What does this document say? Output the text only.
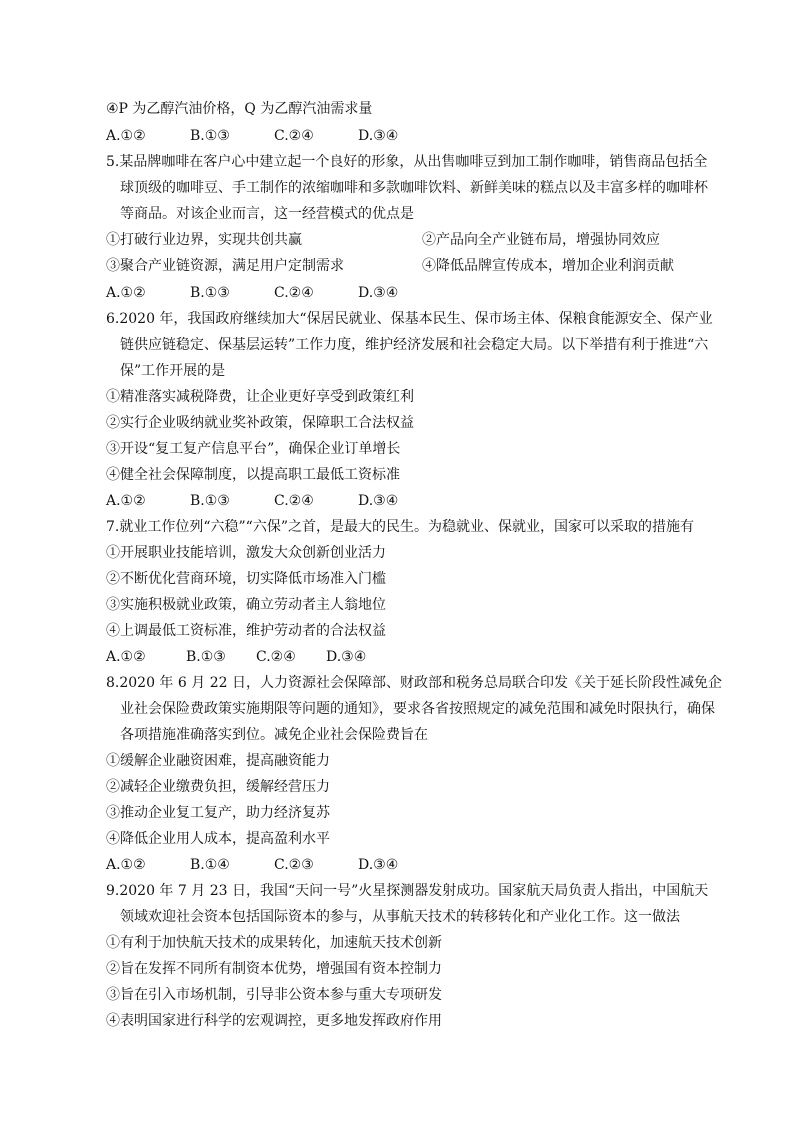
④P 为乙醇汽油价格，Q 为乙醇汽油需求量
A.①②	B.①③	C.②④	D.③④
5.某品牌咖啡在客户心中建立起一个良好的形象，从出售咖啡豆到加工制作咖啡，销售商品包括全
球顶级的咖啡豆、手工制作的浓缩咖啡和多款咖啡饮料、新鲜美味的糕点以及丰富多样的咖啡杯
等商品。对该企业而言，这一经营模式的优点是
①打破行业边界，实现共创共赢	②产品向全产业链布局，增强协同效应
③聚合产业链资源，满足用户定制需求	④降低品牌宣传成本，增加企业利润贡献
A.①②	B.①③	C.②④	D.③④
6.2020 年，我国政府继续加大“保居民就业、保基本民生、保市场主体、保粮食能源安全、保产业
链供应链稳定、保基层运转”工作力度，维护经济发展和社会稳定大局。以下举措有利于推进“六
保”工作开展的是
①精准落实减税降费，让企业更好享受到政策红利
②实行企业吸纳就业奖补政策，保障职工合法权益
③开设“复工复产信息平台”，确保企业订单增长
④健全社会保障制度，以提高职工最低工资标准
A.①②	B.①③	C.②④	D.③④
7.就业工作位列“六稳”“六保”之首，是最大的民生。为稳就业、保就业，国家可以采取的措施有
①开展职业技能培训，激发大众创新创业活力
②不断优化营商环境，切实降低市场准入门槛
③实施积极就业政策，确立劳动者主人翁地位
④上调最低工资标准，维护劳动者的合法权益
A.①②	B.①③ C.②④ D.③④
8.2020 年 6 月 22 日，人力资源社会保障部、财政部和税务总局联合印发《关于延长阶段性减免企
业社会保险费政策实施期限等问题的通知》，要求各省按照规定的减免范围和减免时限执行，确保
各项措施准确落实到位。减免企业社会保险费旨在
①缓解企业融资困难，提高融资能力
②减轻企业缴费负担，缓解经营压力
③推动企业复工复产，助力经济复苏
④降低企业用人成本，提高盈利水平
A.①②	B.①④	C.②③	D.③④
9.2020 年 7 月 23 日，我国“天问一号”火星探测器发射成功。国家航天局负责人指出，中国航天
领域欢迎社会资本包括国际资本的参与，从事航天技术的转移转化和产业化工作。这一做法
①有利于加快航天技术的成果转化，加速航天技术创新
②旨在发挥不同所有制资本优势，增强国有资本控制力
③旨在引入市场机制，引导非公资本参与重大专项研发
④表明国家进行科学的宏观调控，更多地发挥政府作用
